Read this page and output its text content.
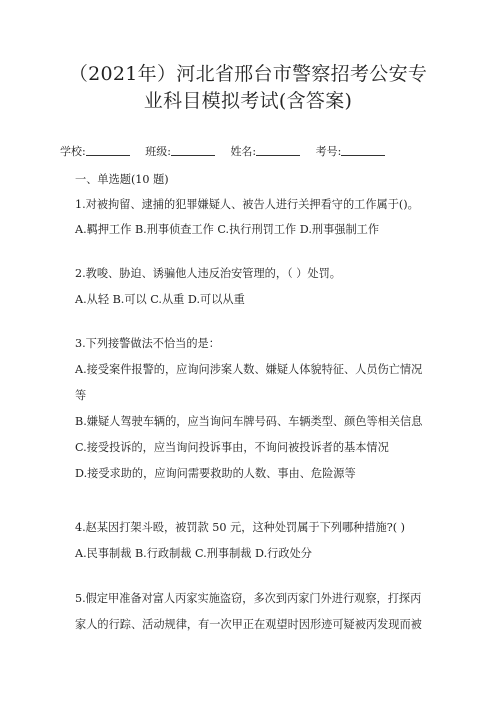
（2021年）河北省邢台市警察招考公安专
业科目模拟考试(含答案)
学校:	班级:	姓名:	考号:
一、单选题(10 题)
1.对被拘留、逮捕的犯罪嫌疑人、被告人进行关押看守的工作属于()。
A.羁押工作 B.刑事侦查工作 C.执行刑罚工作 D.刑事强制工作
2.教唆、胁迫、诱骗他人违反治安管理的，（ ）处罚。
A.从轻 B.可以 C.从重 D.可以从重
3.下列接警做法不恰当的是：
A.接受案件报警的，应询问涉案人数、嫌疑人体貌特征、人员伤亡情况
等
B.嫌疑人驾驶车辆的，应当询问车牌号码、车辆类型、颜色等相关信息
C.接受投诉的，应当询问投诉事由，不询问被投诉者的基本情况
D.接受求助的，应询问需要救助的人数、事由、危险源等
4.赵某因打架斗殴，被罚款 50 元，这种处罚属于下列哪种措施?( )
A.民事制裁 B.行政制裁 C.刑事制裁 D.行政处分
5.假定甲准备对富人丙家实施盗窃，多次到丙家门外进行观察，打探丙
家人的行踪、活动规律，有一次甲正在观望时因形迹可疑被丙发现而被
